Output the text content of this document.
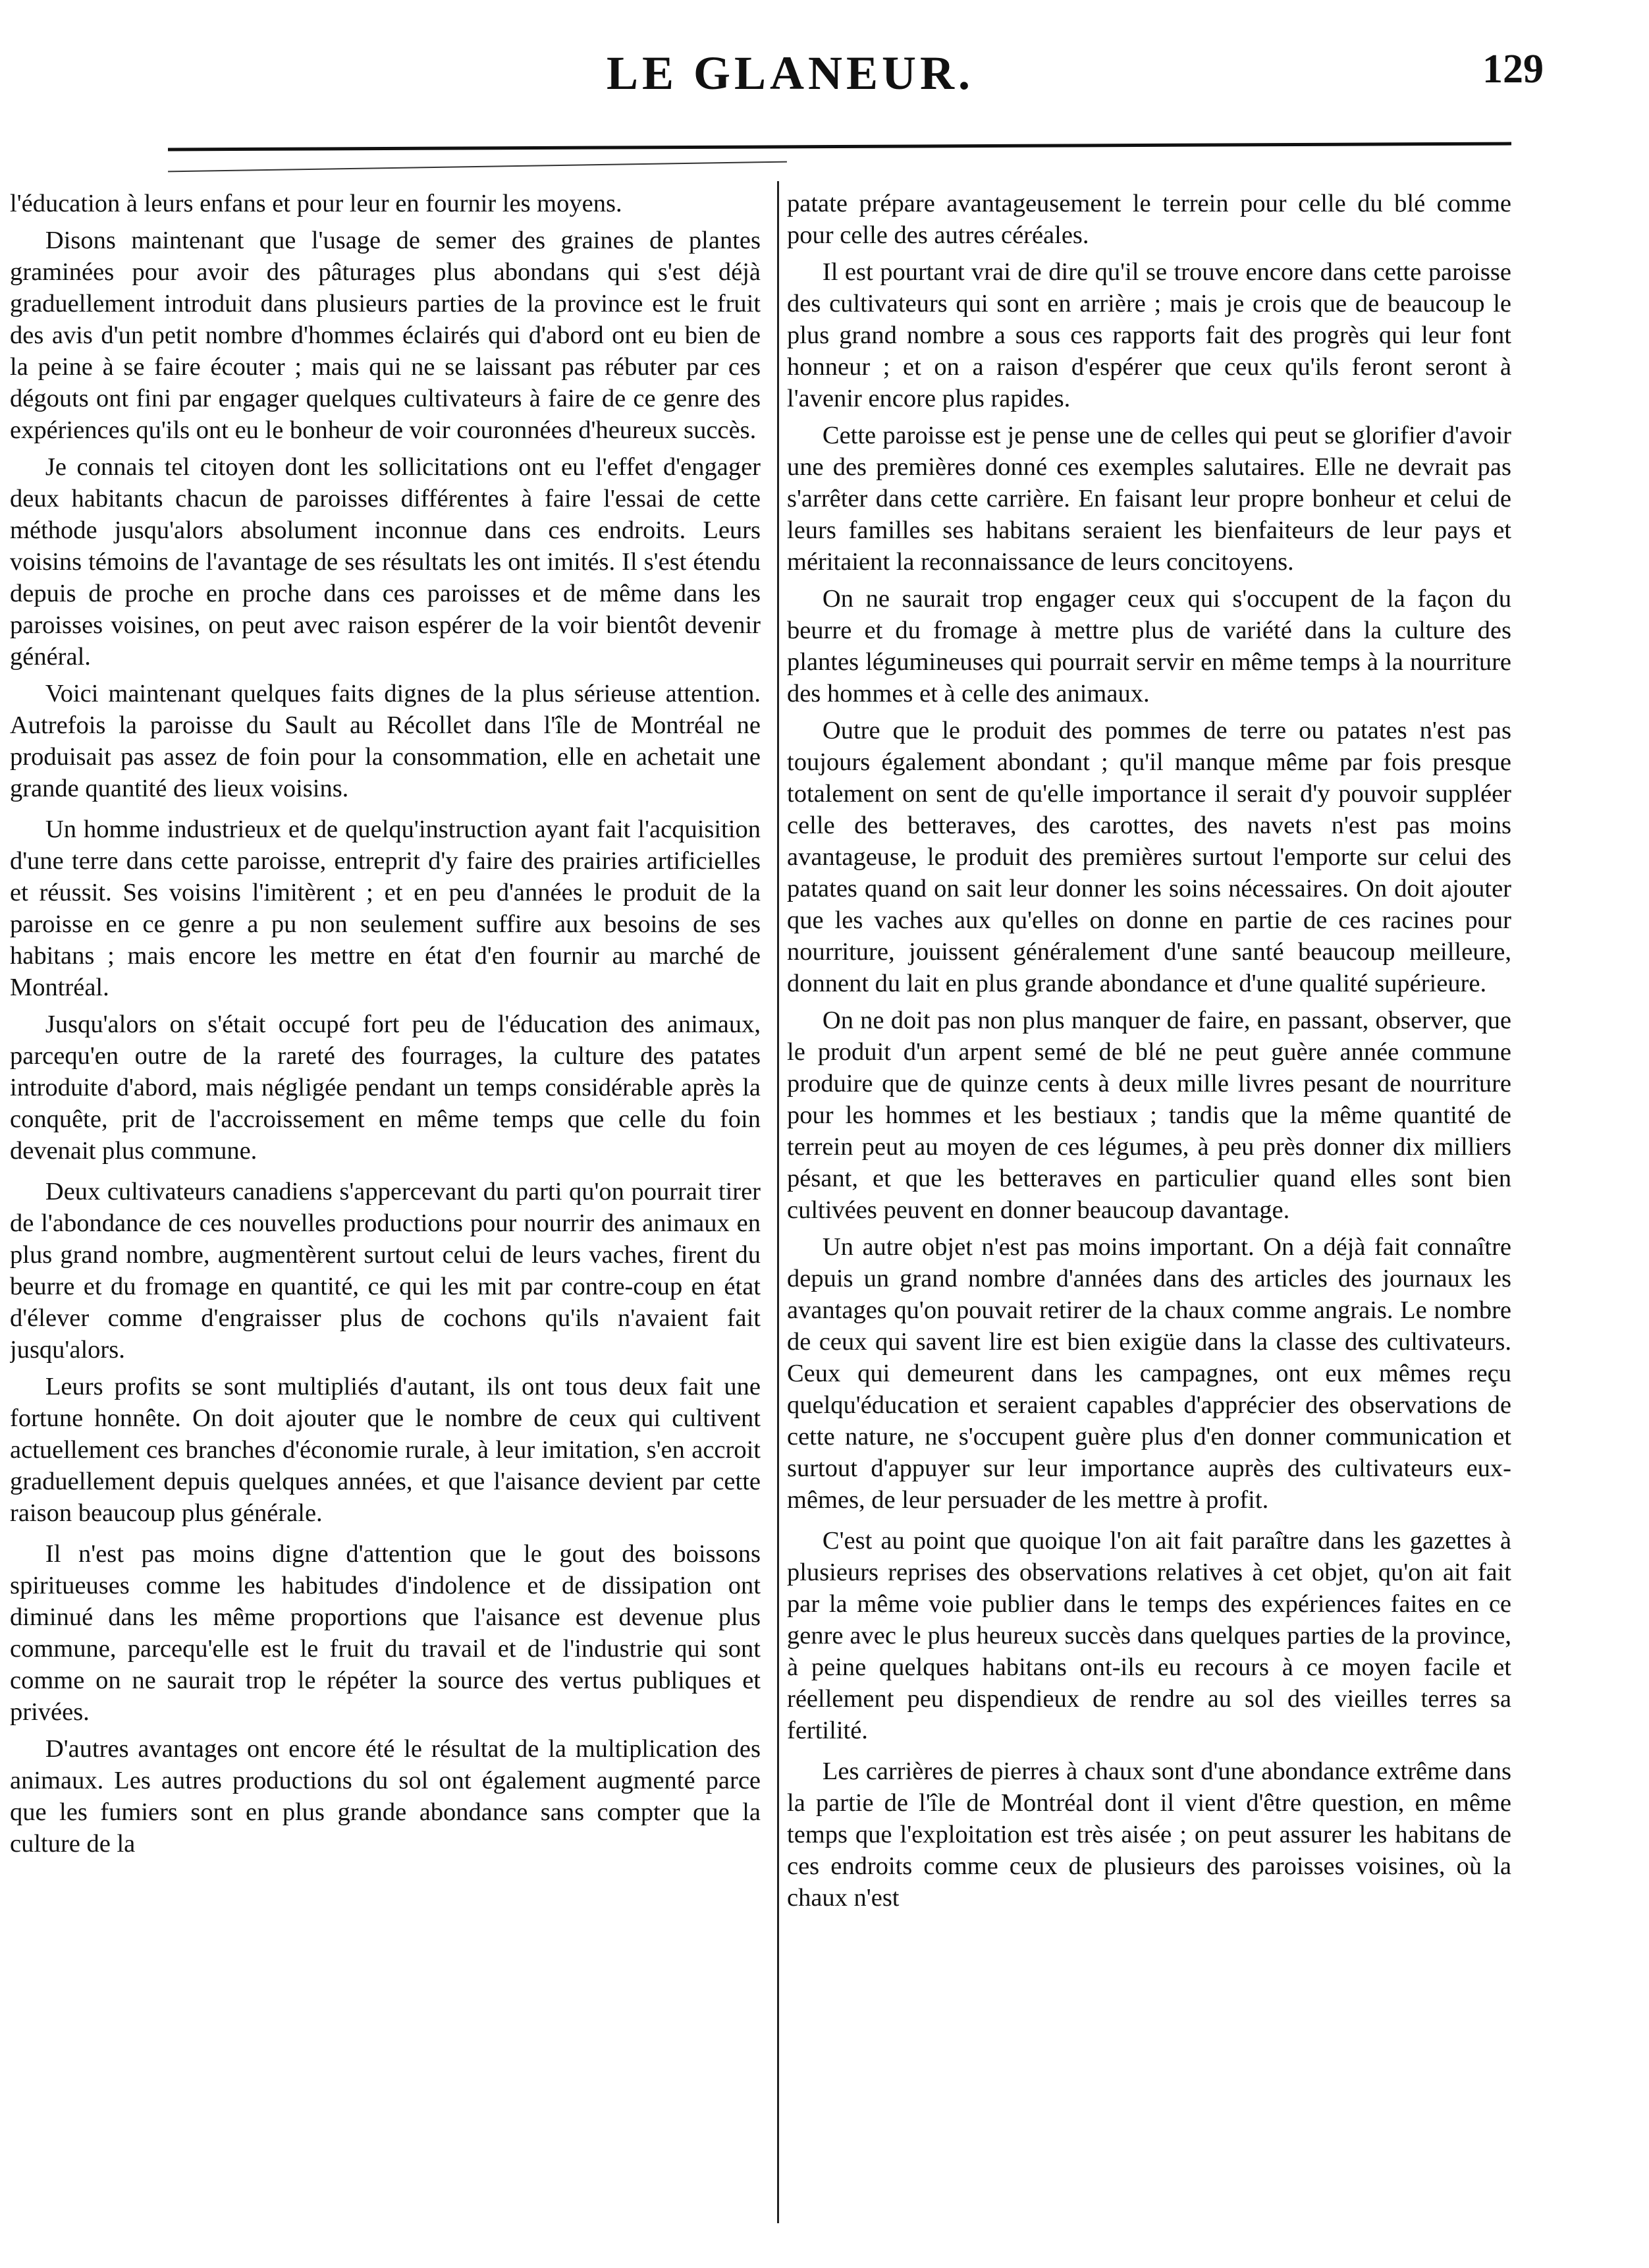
LE GLANEUR.	129

l'éducation à leurs enfans et pour leur en fournir les moyens.

Disons maintenant que l'usage de semer des graines de plantes graminées pour avoir des pâturages plus abondans qui s'est déjà graduellement introduit dans plusieurs parties de la province est le fruit des avis d'un petit nombre d'hommes éclairés qui d'abord ont eu bien de la peine à se faire écouter ; mais qui ne se laissant pas rébuter par ces dégouts ont fini par engager quelques cultivateurs à faire de ce genre des expériences qu'ils ont eu le bonheur de voir couronnées d'heureux succès.

Je connais tel citoyen dont les sollicitations ont eu l'effet d'engager deux habitants chacun de paroisses différentes à faire l'essai de cette méthode jusqu'alors absolument inconnue dans ces endroits. Leurs voisins témoins de l'avantage de ses résultats les ont imités. Il s'est étendu depuis de proche en proche dans ces paroisses et de même dans les paroisses voisines, on peut avec raison espérer de la voir bientôt devenir général.

Voici maintenant quelques faits dignes de la plus sérieuse attention. Autrefois la paroisse du Sault au Récollet dans l'île de Montréal ne produisait pas assez de foin pour la consommation, elle en achetait une grande quantité des lieux voisins.

Un homme industrieux et de quelqu'instruction ayant fait l'acquisition d'une terre dans cette paroisse, entreprit d'y faire des prairies artificielles et réussit. Ses voisins l'imitèrent ; et en peu d'années le produit de la paroisse en ce genre a pu non seulement suffire aux besoins de ses habitans ; mais encore les mettre en état d'en fournir au marché de Montréal.

Jusqu'alors on s'était occupé fort peu de l'éducation des animaux, parcequ'en outre de la rareté des fourrages, la culture des patates introduite d'abord, mais négligée pendant un temps considérable après la conquête, prit de l'accroissement en même temps que celle du foin devenait plus commune.

Deux cultivateurs canadiens s'appercevant du parti qu'on pourrait tirer de l'abondance de ces nouvelles productions pour nourrir des animaux en plus grand nombre, augmentèrent surtout celui de leurs vaches, firent du beurre et du fromage en quantité, ce qui les mit par contre-coup en état d'élever comme d'engraisser plus de cochons qu'ils n'avaient fait jusqu'alors.

Leurs profits se sont multipliés d'autant, ils ont tous deux fait une fortune honnête. On doit ajouter que le nombre de ceux qui cultivent actuellement ces branches d'économie rurale, à leur imitation, s'en accroit graduellement depuis quelques années, et que l'aisance devient par cette raison beaucoup plus générale.

Il n'est pas moins digne d'attention que le gout des boissons spiritueuses comme les habitudes d'indolence et de dissipation ont diminué dans les même proportions que l'aisance est devenue plus commune, parcequ'elle est le fruit du travail et de l'industrie qui sont comme on ne saurait trop le répéter la source des vertus publiques et privées.

D'autres avantages ont encore été le résultat de la multiplication des animaux. Les autres productions du sol ont également augmenté parce que les fumiers sont en plus grande abondance sans compter que la culture de la

patate prépare avantageusement le terrein pour celle du blé comme pour celle des autres céréales.

Il est pourtant vrai de dire qu'il se trouve encore dans cette paroisse des cultivateurs qui sont en arrière ; mais je crois que de beaucoup le plus grand nombre a sous ces rapports fait des progrès qui leur font honneur ; et on a raison d'espérer que ceux qu'ils feront seront à l'avenir encore plus rapides.

Cette paroisse est je pense une de celles qui peut se glorifier d'avoir une des premières donné ces exemples salutaires. Elle ne devrait pas s'arrêter dans cette carrière. En faisant leur propre bonheur et celui de leurs familles ses habitans seraient les bienfaiteurs de leur pays et méritaient la reconnaissance de leurs concitoyens.

On ne saurait trop engager ceux qui s'occupent de la façon du beurre et du fromage à mettre plus de variété dans la culture des plantes légumineuses qui pourrait servir en même temps à la nourriture des hommes et à celle des animaux.

Outre que le produit des pommes de terre ou patates n'est pas toujours également abondant ; qu'il manque même par fois presque totalement on sent de qu'elle importance il serait d'y pouvoir suppléer celle des betteraves, des carottes, des navets n'est pas moins avantageuse, le produit des premières surtout l'emporte sur celui des patates quand on sait leur donner les soins nécessaires. On doit ajouter que les vaches aux qu'elles on donne en partie de ces racines pour nourriture, jouissent généralement d'une santé beaucoup meilleure, donnent du lait en plus grande abondance et d'une qualité supérieure.

On ne doit pas non plus manquer de faire, en passant, observer, que le produit d'un arpent semé de blé ne peut guère année commune produire que de quinze cents à deux mille livres pesant de nourriture pour les hommes et les bestiaux ; tandis que la même quantité de terrein peut au moyen de ces légumes, à peu près donner dix milliers pésant, et que les betteraves en particulier quand elles sont bien cultivées peuvent en donner beaucoup davantage.

Un autre objet n'est pas moins important. On a déjà fait connaître depuis un grand nombre d'années dans des articles des journaux les avantages qu'on pouvait retirer de la chaux comme angrais. Le nombre de ceux qui savent lire est bien exigüe dans la classe des cultivateurs. Ceux qui demeurent dans les campagnes, ont eux mêmes reçu quelqu'éducation et seraient capables d'apprécier des observations de cette nature, ne s'occupent guère plus d'en donner communication et surtout d'appuyer sur leur importance auprès des cultivateurs eux-mêmes, de leur persuader de les mettre à profit.

C'est au point que quoique l'on ait fait paraître dans les gazettes à plusieurs reprises des observations relatives à cet objet, qu'on ait fait par la même voie publier dans le temps des expériences faites en ce genre avec le plus heureux succès dans quelques parties de la province, à peine quelques habitans ont-ils eu recours à ce moyen facile et réellement peu dispendieux de rendre au sol des vieilles terres sa fertilité.

Les carrières de pierres à chaux sont d'une abondance extrême dans la partie de l'île de Montréal dont il vient d'être question, en même temps que l'exploitation est très aisée ; on peut assurer les habitans de ces endroits comme ceux de plusieurs des paroisses voisines, où la chaux n'est
